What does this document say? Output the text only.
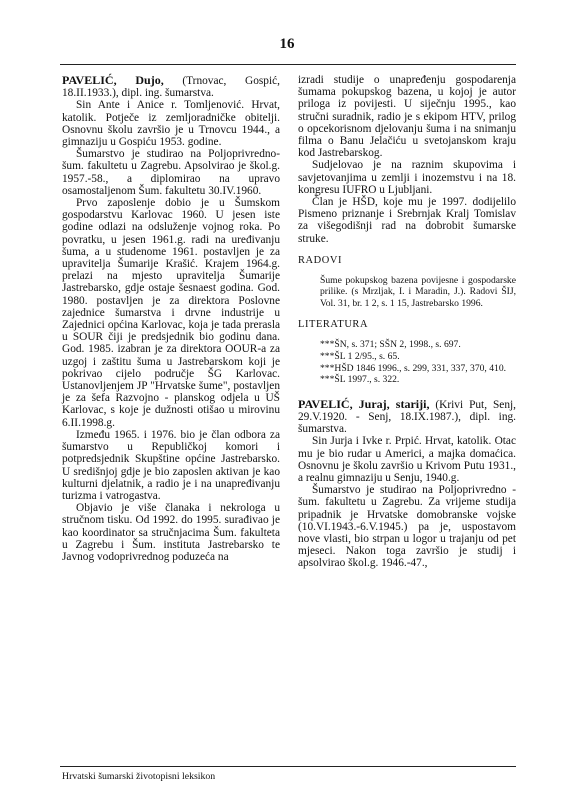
16

PAVELIĆ, Dujo, (Trnovac, Gospić, 18.II.1933.), dipl. ing. šumarstva.

Sin Ante i Anice r. Tomljenović. Hrvat, katolik. Potječe iz zemljoradničke obitelji. Osnovnu školu završio je u Trnovcu 1944., a gimnaziju u Gospiću 1953. godine.

Šumarstvo je studirao na Poljoprivredno-šum. fakultetu u Zagrebu. Apsolvirao je škol.g. 1957.-58., a diplomirao na upravo osamostaljenom Šum. fakultetu 30.IV.1960.

Prvo zaposlenje dobio je u Šumskom gospodarstvu Karlovac 1960. U jesen iste godine odlazi na odsluženje vojnog roka. Po povratku, u jesen 1961.g. radi na uređivanju šuma, a u studenome 1961. postavljen je za upravitelja Šumarije Krašić. Krajem 1964.g. prelazi na mjesto upravitelja Šumarije Jastrebarsko, gdje ostaje šesnaest godina. God. 1980. postavljen je za direktora Poslovne zajednice šumarstva i drvne industrije u Zajednici općina Karlovac, koja je tada prerasla u SOUR čiji je predsjednik bio godinu dana. God. 1985. izabran je za direktora OOUR-a za uzgoj i zaštitu šuma u Jastrebarskom koji je pokrivao cijelo područje ŠG Karlovac. Ustanovljenjem JP "Hrvatske šume", postavljen je za šefa Razvojno - planskog odjela u UŠ Karlovac, s koje je dužnosti otišao u mirovinu 6.II.1998.g.

Između 1965. i 1976. bio je član odbora za šumarstvo u Republičkoj komori i potpredsjednik Skupštine općine Jastrebarsko. U središnjoj gdje je bio zaposlen aktivan je kao kulturni djelatnik, a radio je i na unapređivanju turizma i vatrogastva.

Objavio je više članaka i nekrologa u stručnom tisku. Od 1992. do 1995. surađivao je kao koordinator sa stručnjacima Šum. fakulteta u Zagrebu i Šum. instituta Jastrebarsko te Javnog vodoprivrednog poduzeća na

izradi studije o unapređenju gospodarenja šumama pokupskog bazena, u kojoj je autor priloga iz povijesti. U siječnju 1995., kao stručni suradnik, radio je s ekipom HTV, prilog o opcekorisnom djelovanju šuma i na snimanju filma o Banu Jelačiću u svetojanskom kraju kod Jastrebarskog.

Sudjelovao je na raznim skupovima i savjetovanjima u zemlji i inozemstvu i na 18. kongresu IUFRO u Ljubljani.

Član je HŠD, koje mu je 1997. dodijelilo Pismeno priznanje i Srebrnjak Kralj Tomislav za višegodišnji rad na dobrobit šumarske struke.

RADOVI

Šume pokupskog bazena povijesne i gospodarske prilike. (s Mrzljak, I. i Maradin, J.). Radovi ŠIJ, Vol. 31, br. 1 2, s. 1 15, Jastrebarsko 1996.

LITERATURA

***ŠN, s. 371; SŠN 2, 1998., s. 697.

***ŠL 1 2/95., s. 65.

***HŠD 1846 1996., s. 299, 331, 337, 370, 410.

***ŠL 1997., s. 322.

PAVELIĆ, Juraj, stariji, (Krivi Put, Senj, 29.V.1920. - Senj, 18.IX.1987.), dipl. ing. šumarstva.

Sin Jurja i Ivke r. Prpić. Hrvat, katolik. Otac mu je bio rudar u Americi, a majka domaćica. Osnovnu je školu završio u Krivom Putu 1931., a realnu gimnaziju u Senju, 1940.g.

Šumarstvo je studirao na Poljoprivredno - šum. fakultetu u Zagrebu. Za vrijeme studija pripadnik je Hrvatske domobranske vojske (10.VI.1943.-6.V.1945.) pa je, uspostavom nove vlasti, bio strpan u logor u trajanju od pet mjeseci. Nakon toga završio je studij i apsolvirao škol.g. 1946.-47.,

Hrvatski šumarski životopisni leksikon
